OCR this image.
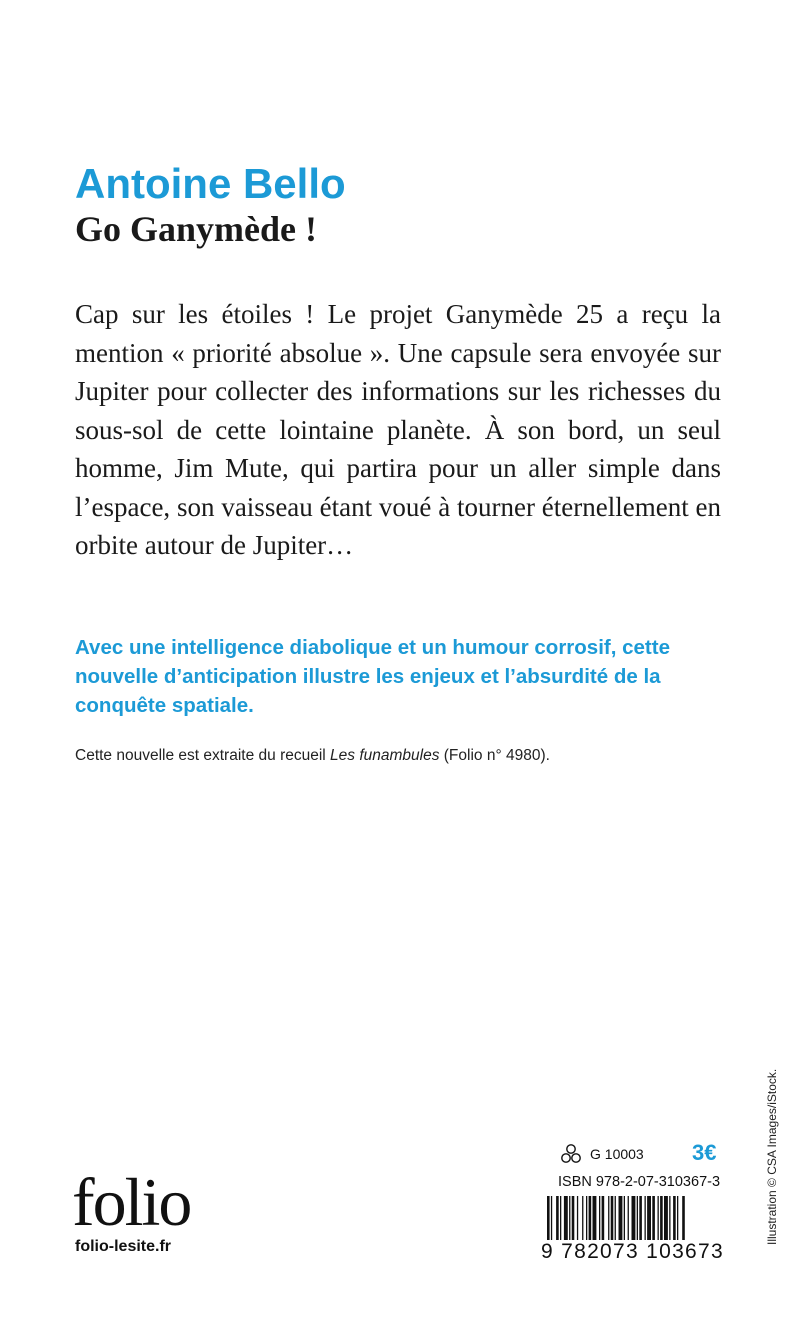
Antoine Bello
Go Ganymède !

Cap sur les étoiles ! Le projet Ganymède 25 a reçu la mention « priorité absolue ». Une capsule sera envoyée sur Jupiter pour collecter des informations sur les richesses du sous-sol de cette lointaine planète. À son bord, un seul homme, Jim Mute, qui partira pour un aller simple dans l’espace, son vaisseau étant voué à tourner éternellement en orbite autour de Jupiter…

Avec une intelligence diabolique et un humour corrosif, cette nouvelle d’anticipation illustre les enjeux et l’absurdité de la conquête spatiale.

Cette nouvelle est extraite du recueil Les funambules (Folio n° 4980).

Illustration © CSA Images/iStock.
G 10003 3€
ISBN 978-2-07-310367-3
9 782073 103673
folio
folio-lesite.fr
